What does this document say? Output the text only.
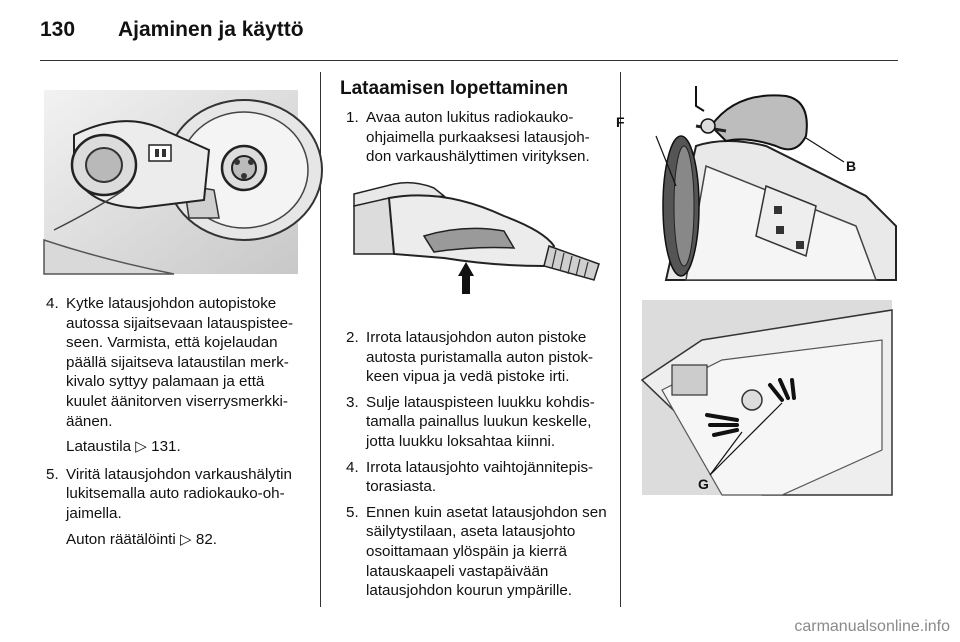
130 Ajaminen ja käyttö
4. Kytke latausjohdon autopistoke autossa sijaitsevaan latauspisteeseen. Varmista, että kojelaudan päällä sijaitseva lataustilan merkkivalo syttyy palamaan ja että kuulet äänitorven viserrysmerkkiäänen.
Lataustila ▷ 131.
5. Viritä latausjohdon varkaushälytin lukitsemalla auto radiokauko-ohjaimella.
Auton räätälöinti ▷ 82.
Lataamisen lopettaminen
1. Avaa auton lukitus radiokaukoohjaimella purkaaksesi latausjohdon varkaushälyttimen virityksen.
2. Irrota latausjohdon auton pistoke autosta puristamalla auton pistokkeen vipua ja vedä pistoke irti.
3. Sulje latauspisteen luukku kohdistamalla painallus luukun keskelle, jotta luukku loksahtaa kiinni.
4. Irrota latausjohto vaihtojännitepistorasiasta.
5. Ennen kuin asetat latausjohdon sen säilytystilaan, aseta latausjohto osoittamaan ylöspäin ja kierrä latauskaapeli vastapäivään latausjohdon kourun ympärille.
F
B
G
carmanualsonline.info
